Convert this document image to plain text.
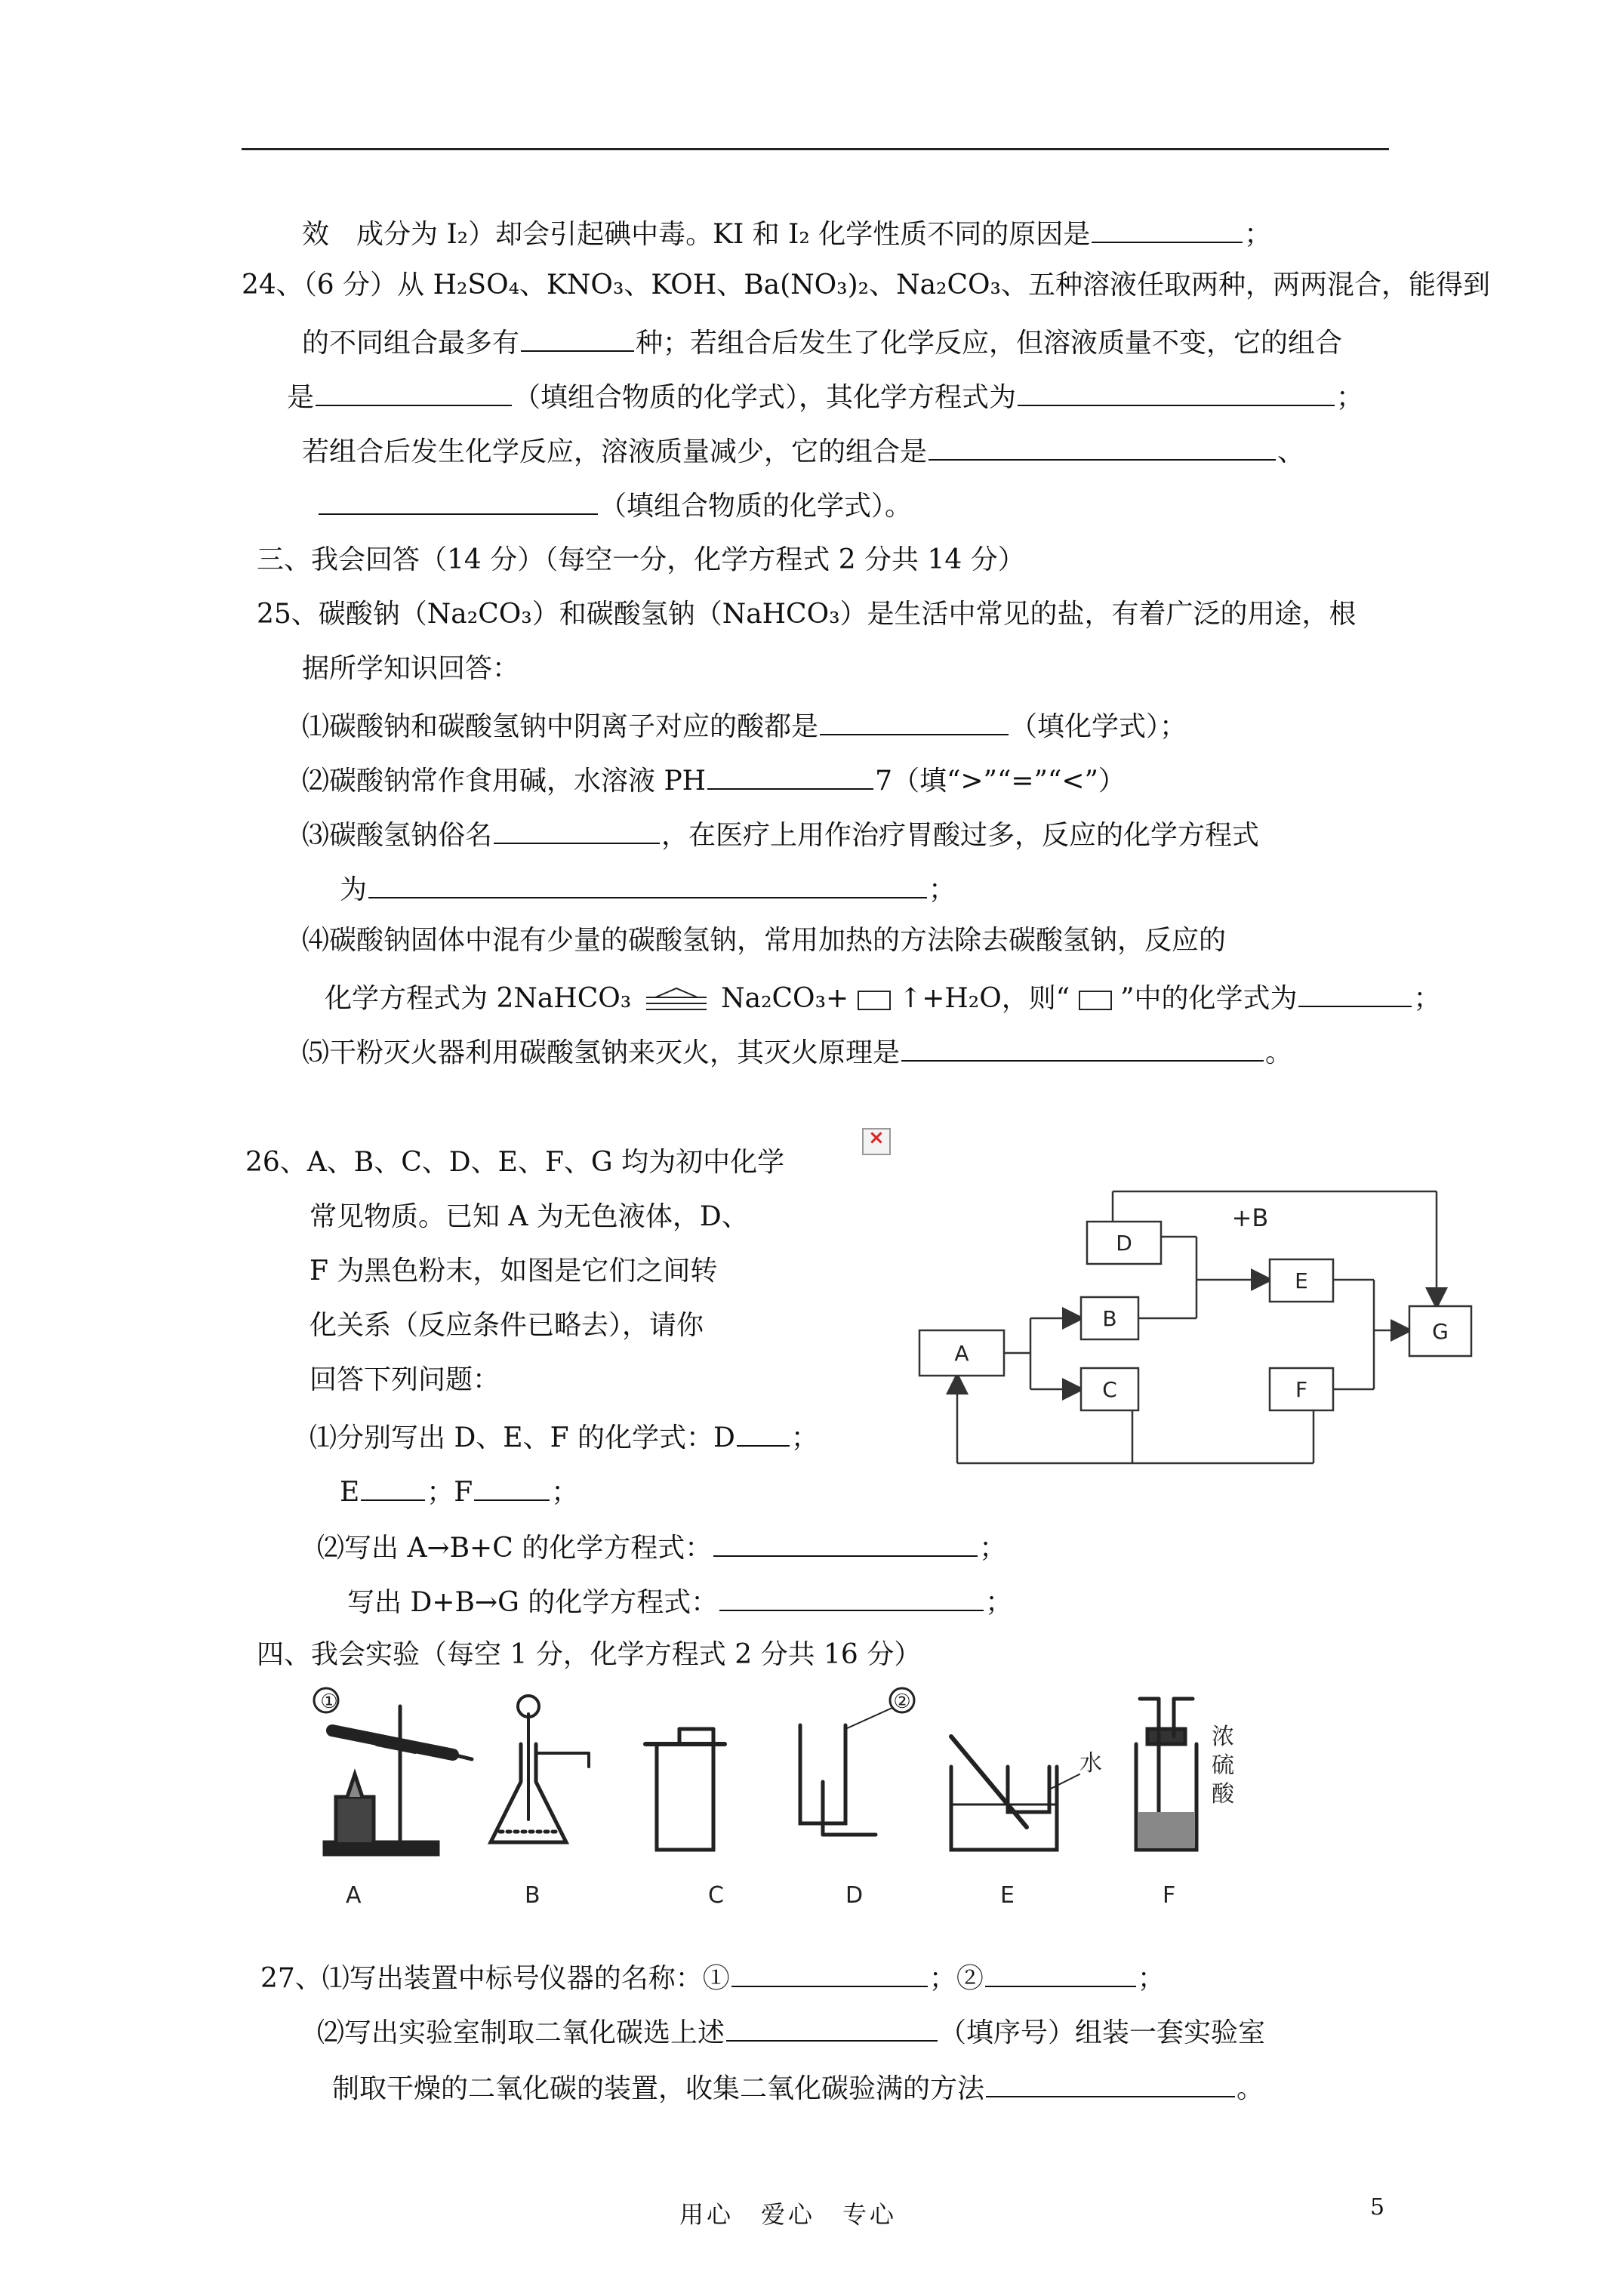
效　成分为 I₂）却会引起碘中毒。KI 和 I₂ 化学性质不同的原因是	；
24、（6 分）从 H₂SO₄、KNO₃、KOH、Ba(NO₃)₂、Na₂CO₃、五种溶液任取两种，两两混合，能得到
的不同组合最多有	种；若组合后发生了化学反应，但溶液质量不变，它的组合
是	（填组合物质的化学式），其化学方程式为	；
若组合后发生化学反应，溶液质量减少，它的组合是	、
（填组合物质的化学式）。
三、我会回答（14 分）（每空一分，化学方程式 2 分共 14 分）
25、碳酸钠（Na₂CO₃）和碳酸氢钠（NaHCO₃）是生活中常见的盐，有着广泛的用途，根
据所学知识回答：
⑴碳酸钠和碳酸氢钠中阴离子对应的酸都是	（填化学式）；
⑵碳酸钠常作食用碱，水溶液 PH	7（填“>”“=”“<”）
⑶碳酸氢钠俗名	，在医疗上用作治疗胃酸过多，反应的化学方程式
为	；
⑷碳酸钠固体中混有少量的碳酸氢钠，常用加热的方法除去碳酸氢钠，反应的
化学方程式为 2NaHCO₃	Na₂CO₃+ ↑+H₂O，则“ ”中的化学式为	；
⑸干粉灭火器利用碳酸氢钠来灭火，其灭火原理是	。
26、A、B、C、D、E、F、G 均为初中化学
常见物质。已知 A 为无色液体，D、
F 为黑色粉末，如图是它们之间转
化关系（反应条件已略去），请你
回答下列问题：
⑴分别写出 D、E、F 的化学式：D ；
E ；F	；
⑵写出 A→B+C 的化学方程式：	；
写出 D+B→G 的化学方程式：	；
×
A
B
C
D
E
F
G
+B
四、我会实验（每空 1 分，化学方程式 2 分共 16 分）
①	②
水
浓
硫
酸
A	B	C	D	E	F
27、⑴写出装置中标号仪器的名称：①	；②	；
⑵写出实验室制取二氧化碳选上述	（填序号）组装一套实验室
制取干燥的二氧化碳的装置，收集二氧化碳验满的方法	。
用心　爱心　专心	5
